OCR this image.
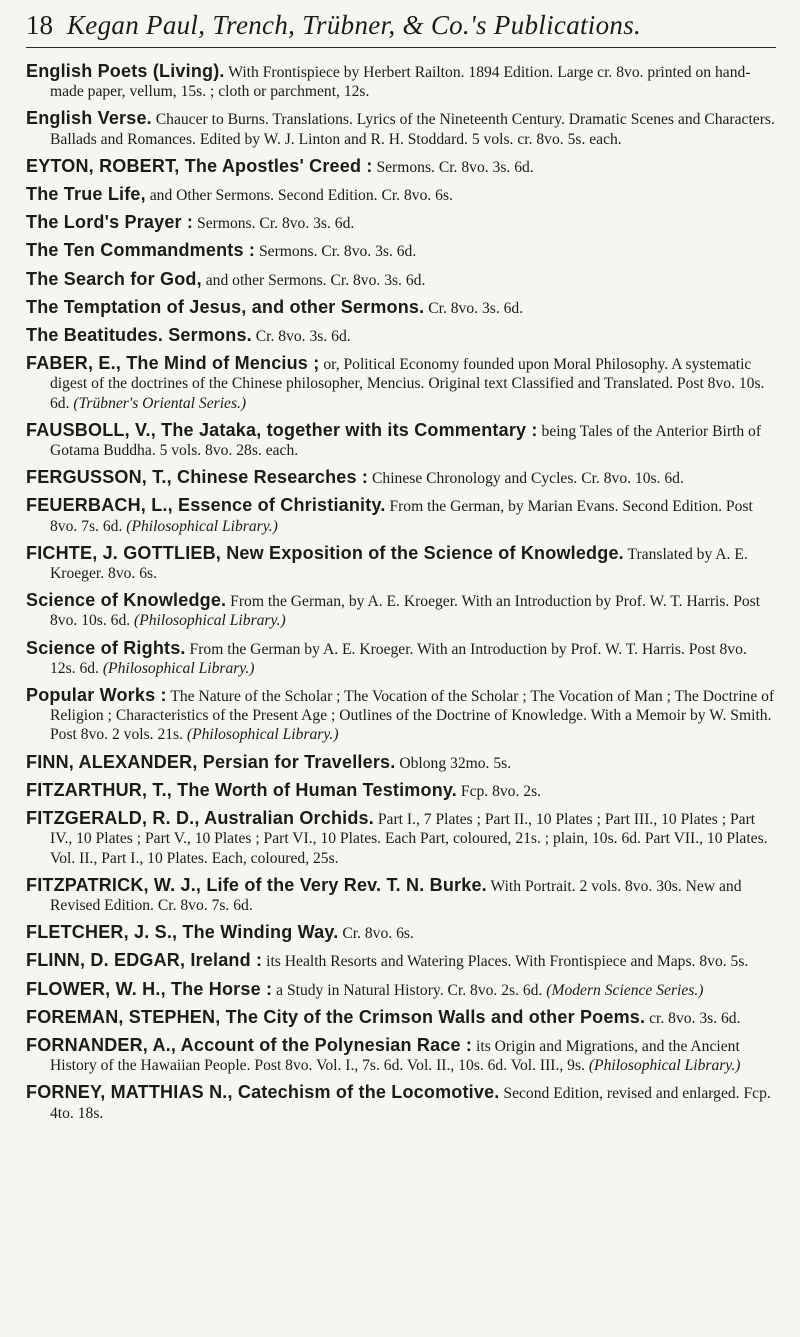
18 Kegan Paul, Trench, Trübner, & Co.'s Publications.
English Poets (Living). With Frontispiece by Herbert Railton. 1894 Edition. Large cr. 8vo. printed on hand-made paper, vellum, 15s. ; cloth or parchment, 12s.
English Verse. Chaucer to Burns. Translations. Lyrics of the Nineteenth Century. Dramatic Scenes and Characters. Ballads and Romances. Edited by W. J. Linton and R. H. Stoddard. 5 vols. cr. 8vo. 5s. each.
EYTON, ROBERT, The Apostles' Creed : Sermons. Cr. 8vo. 3s. 6d.
The True Life, and Other Sermons. Second Edition. Cr. 8vo. 6s.
The Lord's Prayer : Sermons. Cr. 8vo. 3s. 6d.
The Ten Commandments : Sermons. Cr. 8vo. 3s. 6d.
The Search for God, and other Sermons. Cr. 8vo. 3s. 6d.
The Temptation of Jesus, and other Sermons. Cr. 8vo. 3s. 6d.
The Beatitudes. Sermons. Cr. 8vo. 3s. 6d.
FABER, E., The Mind of Mencius ; or, Political Economy founded upon Moral Philosophy. A systematic digest of the doctrines of the Chinese philosopher, Mencius. Original text Classified and Translated. Post 8vo. 10s. 6d. (Trübner's Oriental Series.)
FAUSBOLL, V., The Jataka, together with its Commentary : being Tales of the Anterior Birth of Gotama Buddha. 5 vols. 8vo. 28s. each.
FERGUSSON, T., Chinese Researches : Chinese Chronology and Cycles. Cr. 8vo. 10s. 6d.
FEUERBACH, L., Essence of Christianity. From the German, by Marian Evans. Second Edition. Post 8vo. 7s. 6d. (Philosophical Library.)
FICHTE, J. GOTTLIEB, New Exposition of the Science of Knowledge. Translated by A. E. Kroeger. 8vo. 6s.
Science of Knowledge. From the German, by A. E. Kroeger. With an Introduction by Prof. W. T. Harris. Post 8vo. 10s. 6d. (Philosophical Library.)
Science of Rights. From the German by A. E. Kroeger. With an Introduction by Prof. W. T. Harris. Post 8vo. 12s. 6d. (Philosophical Library.)
Popular Works : The Nature of the Scholar ; The Vocation of the Scholar ; The Vocation of Man ; The Doctrine of Religion ; Characteristics of the Present Age ; Outlines of the Doctrine of Knowledge. With a Memoir by W. Smith. Post 8vo. 2 vols. 21s. (Philosophical Library.)
FINN, ALEXANDER, Persian for Travellers. Oblong 32mo. 5s.
FITZARTHUR, T., The Worth of Human Testimony. Fcp. 8vo. 2s.
FITZGERALD, R. D., Australian Orchids. Part I., 7 Plates ; Part II., 10 Plates ; Part III., 10 Plates ; Part IV., 10 Plates ; Part V., 10 Plates ; Part VI., 10 Plates. Each Part, coloured, 21s. ; plain, 10s. 6d. Part VII., 10 Plates. Vol. II., Part I., 10 Plates. Each, coloured, 25s.
FITZPATRICK, W. J., Life of the Very Rev. T. N. Burke. With Portrait. 2 vols. 8vo. 30s. New and Revised Edition. Cr. 8vo. 7s. 6d.
FLETCHER, J. S., The Winding Way. Cr. 8vo. 6s.
FLINN, D. EDGAR, Ireland : its Health Resorts and Watering Places. With Frontispiece and Maps. 8vo. 5s.
FLOWER, W. H., The Horse : a Study in Natural History. Cr. 8vo. 2s. 6d. (Modern Science Series.)
FOREMAN, STEPHEN, The City of the Crimson Walls and other Poems. cr. 8vo. 3s. 6d.
FORNANDER, A., Account of the Polynesian Race : its Origin and Migrations, and the Ancient History of the Hawaiian People. Post 8vo. Vol. I., 7s. 6d. Vol. II., 10s. 6d. Vol. III., 9s. (Philosophical Library.)
FORNEY, MATTHIAS N., Catechism of the Locomotive. Second Edition, revised and enlarged. Fcp. 4to. 18s.
